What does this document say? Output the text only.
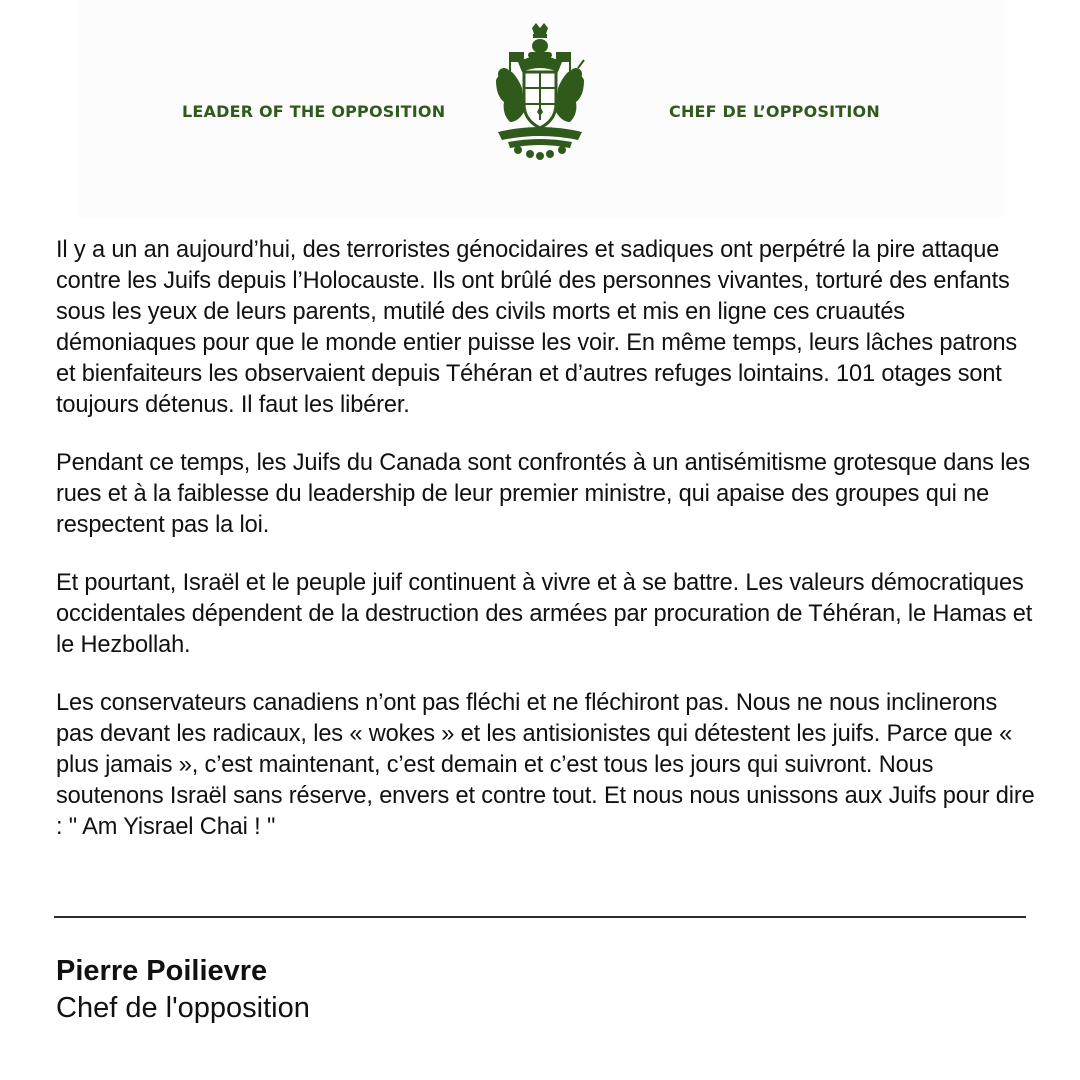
LEADER OF THE OPPOSITION	CHEF DE L’OPPOSITION

Il y a un an aujourd’hui, des terroristes génocidaires et sadiques ont perpétré la pire attaque contre les Juifs depuis l’Holocauste. Ils ont brûlé des personnes vivantes, torturé des enfants sous les yeux de leurs parents, mutilé des civils morts et mis en ligne ces cruautés démoniaques pour que le monde entier puisse les voir. En même temps, leurs lâches patrons et bienfaiteurs les observaient depuis Téhéran et d’autres refuges lointains. 101 otages sont toujours détenus. Il faut les libérer.

Pendant ce temps, les Juifs du Canada sont confrontés à un antisémitisme grotesque dans les rues et à la faiblesse du leadership de leur premier ministre, qui apaise des groupes qui ne respectent pas la loi.

Et pourtant, Israël et le peuple juif continuent à vivre et à se battre. Les valeurs démocratiques occidentales dépendent de la destruction des armées par procuration de Téhéran, le Hamas et le Hezbollah.

Les conservateurs canadiens n’ont pas fléchi et ne fléchiront pas. Nous ne nous inclinerons pas devant les radicaux, les « wokes » et les antisionistes qui détestent les juifs. Parce que « plus jamais », c’est maintenant, c’est demain et c’est tous les jours qui suivront. Nous soutenons Israël sans réserve, envers et contre tout. Et nous nous unissons aux Juifs pour dire : " Am Yisrael Chai ! "

Pierre Poilievre
Chef de l'opposition
